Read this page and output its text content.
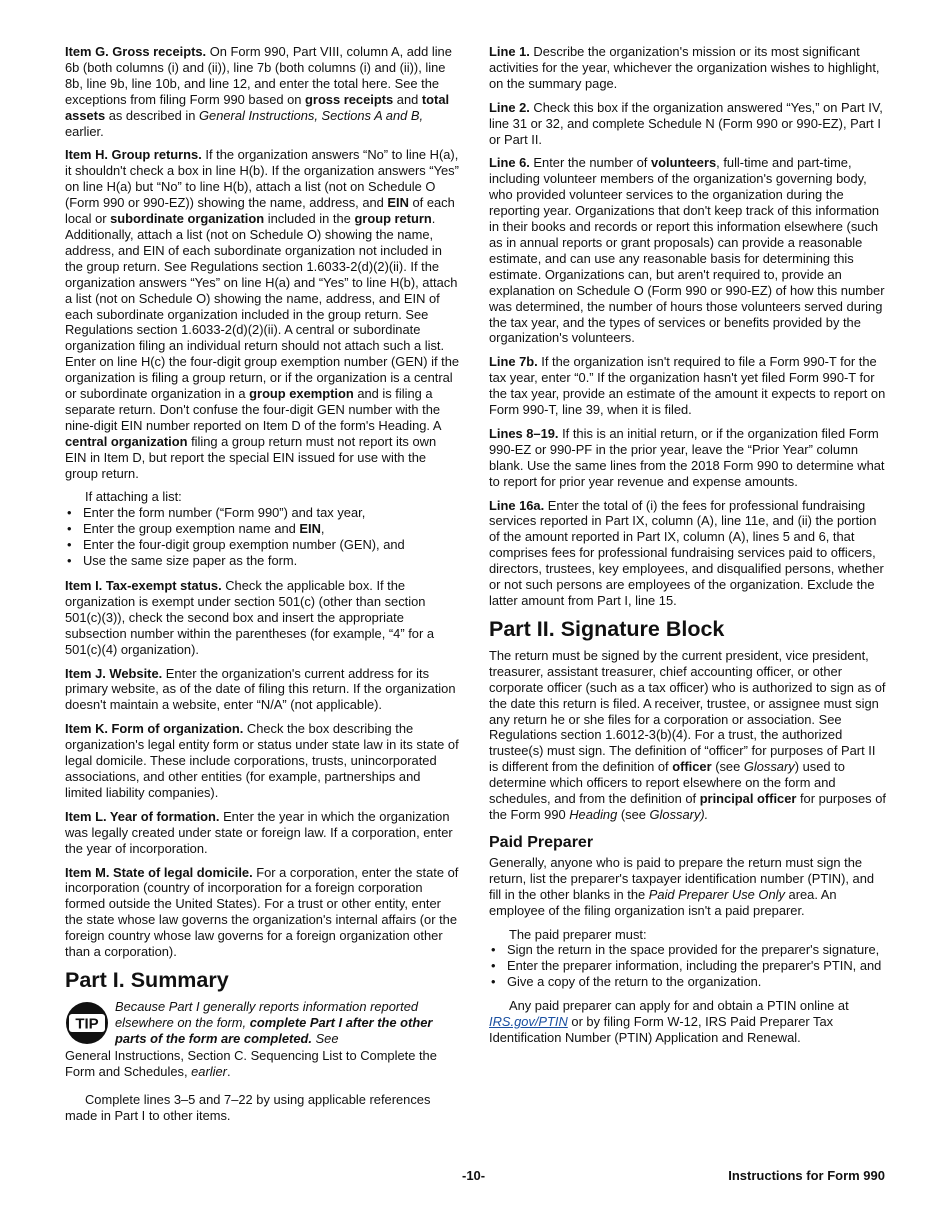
Item G. Gross receipts. On Form 990, Part VIII, column A, add line 6b (both columns (i) and (ii)), line 7b (both columns (i) and (ii)), line 8b, line 9b, line 10b, and line 12, and enter the total here. See the exceptions from filing Form 990 based on gross receipts and total assets as described in General Instructions, Sections A and B, earlier.

Item H. Group returns. If the organization answers “No” to line H(a), it shouldn't check a box in line H(b). If the organization answers “Yes” on line H(a) but “No” to line H(b), attach a list (not on Schedule O (Form 990 or 990-EZ)) showing the name, address, and EIN of each local or subordinate organization included in the group return. Additionally, attach a list (not on Schedule O) showing the name, address, and EIN of each subordinate organization not included in the group return. See Regulations section 1.6033-2(d)(2)(ii). If the organization answers “Yes” on line H(a) and “Yes” to line H(b), attach a list (not on Schedule O) showing the name, address, and EIN of each subordinate organization included in the group return. See Regulations section 1.6033-2(d)(2)(ii). A central or subordinate organization filing an individual return should not attach such a list. Enter on line H(c) the four-digit group exemption number (GEN) if the organization is filing a group return, or if the organization is a central or subordinate organization in a group exemption and is filing a separate return. Don't confuse the four-digit GEN number with the nine-digit EIN number reported on Item D of the form's Heading. A central organization filing a group return must not report its own EIN in Item D, but report the special EIN issued for use with the group return.

If attaching a list:

• Enter the form number (“Form 990”) and tax year,
• Enter the group exemption name and EIN,
• Enter the four-digit group exemption number (GEN), and
• Use the same size paper as the form.

Item I. Tax-exempt status. Check the applicable box. If the organization is exempt under section 501(c) (other than section 501(c)(3)), check the second box and insert the appropriate subsection number within the parentheses (for example, “4” for a 501(c)(4) organization).

Item J. Website. Enter the organization's current address for its primary website, as of the date of filing this return. If the organization doesn't maintain a website, enter “N/A” (not applicable).

Item K. Form of organization. Check the box describing the organization's legal entity form or status under state law in its state of legal domicile. These include corporations, trusts, unincorporated associations, and other entities (for example, partnerships and limited liability companies).

Item L. Year of formation. Enter the year in which the organization was legally created under state or foreign law. If a corporation, enter the year of incorporation.

Item M. State of legal domicile. For a corporation, enter the state of incorporation (country of incorporation for a foreign corporation formed outside the United States). For a trust or other entity, enter the state whose law governs the organization's internal affairs (or the foreign country whose law governs for a foreign organization other than a corporation).

Part I. Summary
TIP
Because Part I generally reports information reported elsewhere on the form, complete Part I after the other parts of the form are completed. See

General Instructions, Section C. Sequencing List to Complete the Form and Schedules, earlier.

Complete lines 3–5 and 7–22 by using applicable references made in Part I to other items.

Line 1. Describe the organization's mission or its most significant activities for the year, whichever the organization wishes to highlight, on the summary page.

Line 2. Check this box if the organization answered “Yes,” on Part IV, line 31 or 32, and complete Schedule N (Form 990 or 990-EZ), Part I or Part II.

Line 6. Enter the number of volunteers, full-time and part-time, including volunteer members of the organization's governing body, who provided volunteer services to the organization during the reporting year. Organizations that don't keep track of this information in their books and records or report this information elsewhere (such as in annual reports or grant proposals) can provide a reasonable estimate, and can use any reasonable basis for determining this estimate. Organizations can, but aren't required to, provide an explanation on Schedule O (Form 990 or 990-EZ) of how this number was determined, the number of hours those volunteers served during the tax year, and the types of services or benefits provided by the organization's volunteers.

Line 7b. If the organization isn't required to file a Form 990-T for the tax year, enter “0.” If the organization hasn't yet filed Form 990-T for the tax year, provide an estimate of the amount it expects to report on Form 990-T, line 39, when it is filed.

Lines 8–19. If this is an initial return, or if the organization filed Form 990-EZ or 990-PF in the prior year, leave the “Prior Year” column blank. Use the same lines from the 2018 Form 990 to determine what to report for prior year revenue and expense amounts.

Line 16a. Enter the total of (i) the fees for professional fundraising services reported in Part IX, column (A), line 11e, and (ii) the portion of the amount reported in Part IX, column (A), lines 5 and 6, that comprises fees for professional fundraising services paid to officers, directors, trustees, key employees, and disqualified persons, whether or not such persons are employees of the organization. Exclude the latter amount from Part I, line 15.

Part II. Signature Block

The return must be signed by the current president, vice president, treasurer, assistant treasurer, chief accounting officer, or other corporate officer (such as a tax officer) who is authorized to sign as of the date this return is filed. A receiver, trustee, or assignee must sign any return he or she files for a corporation or association. See Regulations section 1.6012-3(b)(4). For a trust, the authorized trustee(s) must sign. The definition of “officer” for purposes of Part II is different from the definition of officer (see Glossary) used to determine which officers to report elsewhere on the form and schedules, and from the definition of principal officer for purposes of the Form 990 Heading (see Glossary).

Paid Preparer

Generally, anyone who is paid to prepare the return must sign the return, list the preparer's taxpayer identification number (PTIN), and fill in the other blanks in the Paid Preparer Use Only area. An employee of the filing organization isn't a paid preparer.

The paid preparer must:

• Sign the return in the space provided for the preparer's signature,
• Enter the preparer information, including the preparer's PTIN, and
• Give a copy of the return to the organization.

Any paid preparer can apply for and obtain a PTIN online at IRS.gov/PTIN or by filing Form W-12, IRS Paid Preparer Tax Identification Number (PTIN) Application and Renewal.

-10-	Instructions for Form 990
